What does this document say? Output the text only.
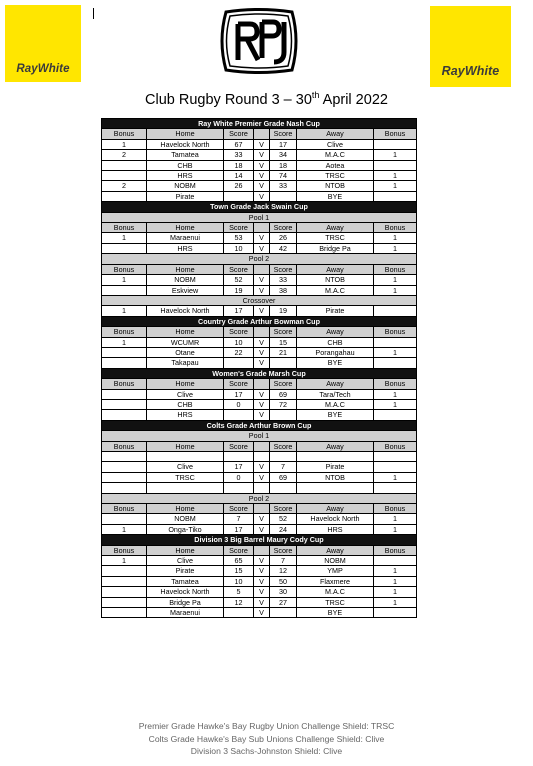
RayWhite	RayWhite
Club Rugby Round 3 – 30th April 2022
Ray White Premier Grade Nash Cup						
Bonus	Home	Score		Score	Away	Bonus
1	Havelock North	67	V	17	Clive	
2	Tamatea	33	V	34	M.A.C	1
	CHB	18	V	18	Aotea	
	HRS	14	V	74	TRSC	1
2	NOBM	26	V	33	NTOB	1
	Pirate		V		BYE	
Town Grade Jack Swain Cup						
Pool 1						
Bonus	Home	Score		Score	Away	Bonus
1	Maraenui	53	V	26	TRSC	1
	HRS	10	V	42	Bridge Pa	1
Pool 2						
Bonus	Home	Score		Score	Away	Bonus
1	NOBM	52	V	33	NTOB	1
	Eskview	19	V	38	M.A.C	1
Crossover						
1	Havelock North	17	V	19	Pirate	
Country Grade Arthur Bowman Cup						
Bonus	Home	Score		Score	Away	Bonus
1	WCUMR	10	V	15	CHB	
	Otane	22	V	21	Porangahau	1
	Takapau		V		BYE	
Women's Grade Marsh Cup						
Bonus	Home	Score		Score	Away	Bonus
	Clive	17	V	69	Tara/Tech	1
	CHB	0	V	72	M.A.C	1
	HRS		V		BYE	
Colts Grade Arthur Brown Cup						
Pool 1						
Bonus	Home	Score		Score	Away	Bonus

	Clive	17	V	7	Pirate	
	TRSC	0	V	69	NTOB	1

Pool 2						
Bonus	Home	Score		Score	Away	Bonus
	NOBM	7	V	52	Havelock North	1
1	Onga-Tiko	17	V	24	HRS	1
Division 3 Big Barrel Maury Cody Cup						
Bonus	Home	Score		Score	Away	Bonus
1	Clive	65	V	7	NOBM	
	Pirate	15	V	12	YMP	1
	Tamatea	10	V	50	Flaxmere	1
	Havelock North	5	V	30	M.A.C	1
	Bridge Pa	12	V	27	TRSC	1
	Maraenui		V		BYE	
Premier Grade Hawke's Bay Rugby Union Challenge Shield: TRSC
Colts Grade Hawke's Bay Sub Unions Challenge Shield: Clive
Division 3 Sachs-Johnston Shield: Clive
